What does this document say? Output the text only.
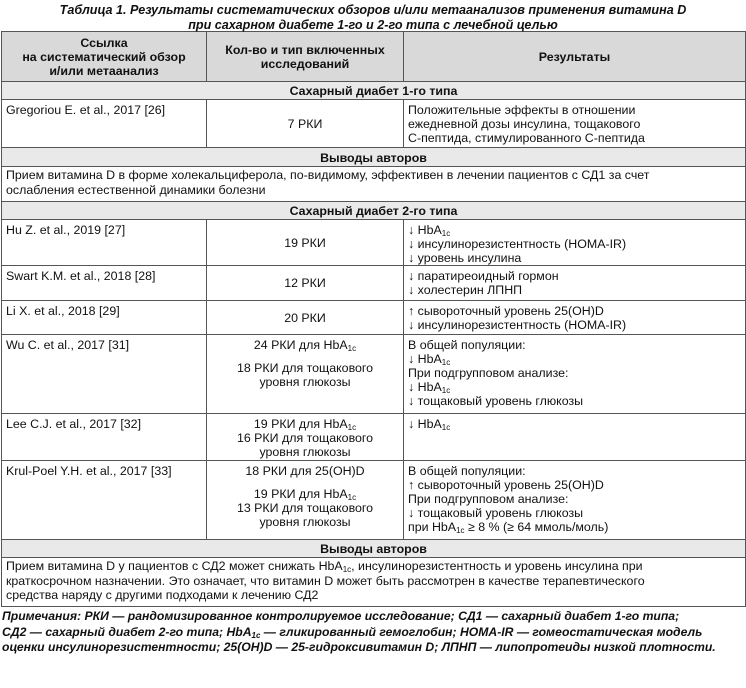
Таблица 1. Результаты систематических обзоров и/или метаанализов применения витамина D
при сахарном диабете 1-го и 2-го типа с лечебной целью
Ссылка
на систематический обзор
и/или метаанализ	Кол-во и тип включенных
исследований	Результаты
Сахарный диабет 1-го типа		
Gregoriou E. et al., 2017 [26]	7 РКИ	Положительные эффекты в отношении
ежедневной дозы инсулина, тощакового
С-пептида, стимулированного С-пептида
Выводы авторов		
Прием витамина D в форме холекальциферола, по-видимому, эффективен в лечении пациентов с СД1 за счет
ослабления естественной динамики болезни		
Сахарный диабет 2-го типа		
Hu Z. et al., 2019 [27]	19 РКИ	↓ HbA$_{1c}$
↓ инсулинорезистентность (HOMA-IR)
↓ уровень инсулина
Swart K.M. et al., 2018 [28]	12 РКИ	↓ паратиреоидный гормон
↓ холестерин ЛПНП
Li X. et al., 2018 [29]	20 РКИ	↑ сывороточный уровень 25(OH)D
↓ инсулинорезистентность (HOMA-IR)
Wu C. et al., 2017 [31]	24 РКИ для HbA$_{1c}$
18 РКИ для тощакового
уровня глюкозы	В общей популяции:
↓ HbA$_{1c}$
При подгрупповом анализе:
↓ HbA$_{1c}$
↓ тощаковый уровень глюкозы
Lee C.J. et al., 2017 [32]	19 РКИ для HbA$_{1c}$
16 РКИ для тощакового
уровня глюкозы	↓ HbA$_{1c}$
Krul-Poel Y.H. et al., 2017 [33]	18 РКИ для 25(OH)D
19 РКИ для HbA$_{1c}$
13 РКИ для тощакового
уровня глюкозы	В общей популяции:
↑ сывороточный уровень 25(OH)D
При подгрупповом анализе:
↓ тощаковый уровень глюкозы
при HbA$_{1c}$ ≥ 8 % (≥ 64 ммоль/моль)
Выводы авторов		
Прием витамина D у пациентов с СД2 может снижать HbA$_{1c}$, инсулинорезистентность и уровень инсулина при
краткосрочном назначении. Это означает, что витамин D может быть рассмотрен в качестве терапевтического
средства наряду с другими подходами к лечению СД2		
Примечания: РКИ — рандомизированное контролируемое исследование; СД1 — сахарный диабет 1-го типа;
СД2 — сахарный диабет 2-го типа; HbA$_{1c}$ — гликированный гемоглобин; HOMA-IR — гомеостатическая модель
оценки инсулинорезистентности; 25(OH)D — 25-гидроксивитамин D; ЛПНП — липопротеиды низкой плотности.
